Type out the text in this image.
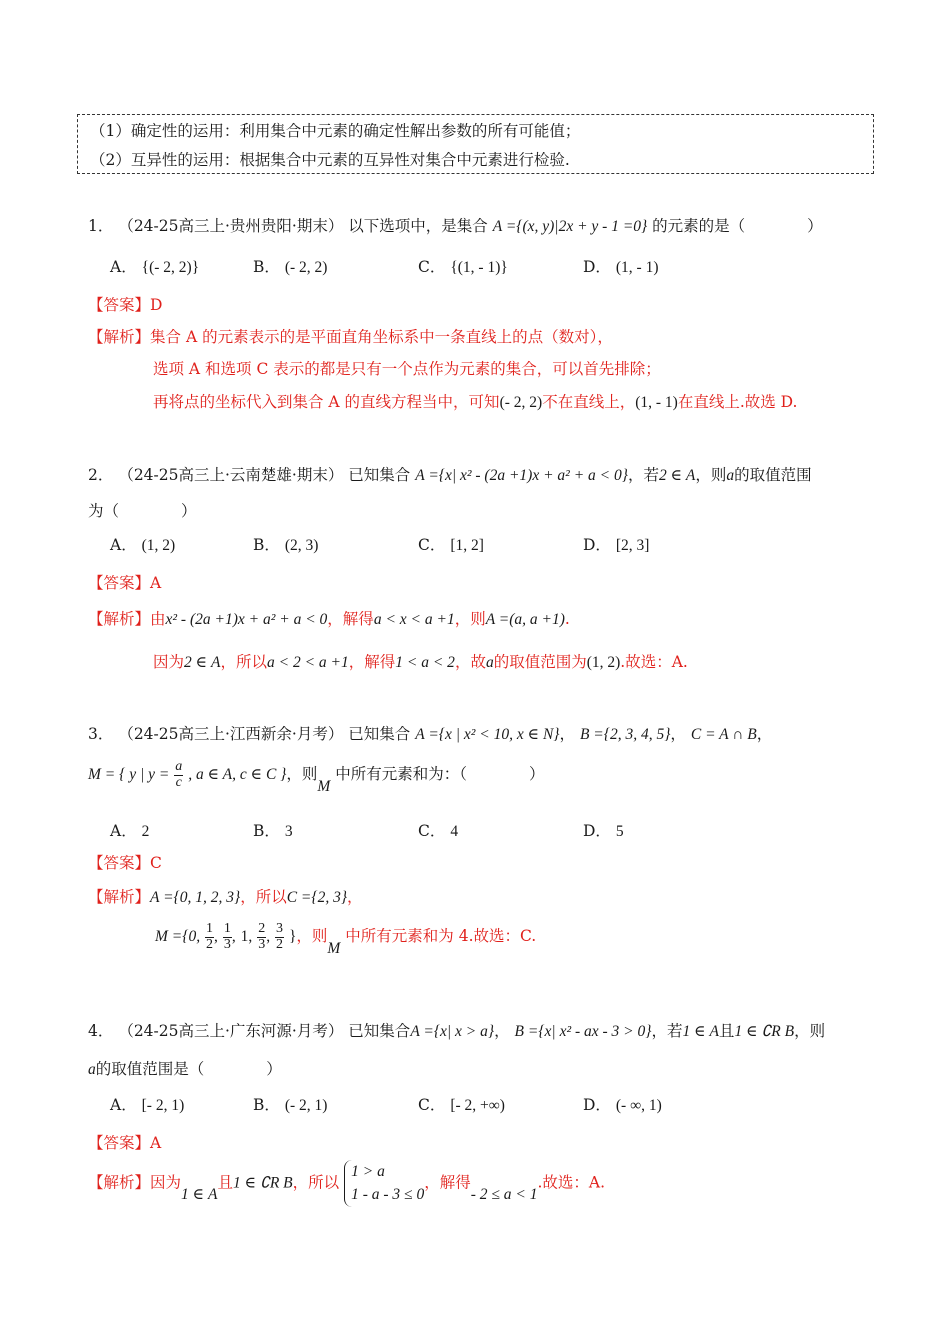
（1）确定性的运用：利用集合中元素的确定性解出参数的所有可能值；
（2）互异性的运用：根据集合中元素的互异性对集合中元素进行检验.
1． （24-25高三上·贵州贵阳·期末） 以下选项中，是集合 A ={(x, y)|2x + y - 1 =0} 的元素的是（　　　　）
A． {(- 2, 2)}	B． (- 2, 2)	C． {(1, - 1)}	D． (1, - 1)
【答案】D
【解析】集合 A 的元素表示的是平面直角坐标系中一条直线上的点（数对），
选项 A 和选项 C 表示的都是只有一个点作为元素的集合，可以首先排除；
再将点的坐标代入到集合 A 的直线方程当中，可知(- 2, 2)不在直线上，(1, - 1)在直线上.故选 D.
2． （24-25高三上·云南楚雄·期末） 已知集合 A ={x| x² - (2a +1)x + a² + a < 0}，若2 ∈ A，则a的取值范围
为（　　　　）
A． (1, 2)	B． (2, 3)	C． [1, 2]	D． [2, 3]
【答案】A
【解析】由x² - (2a +1)x + a² + a < 0，解得a < x < a +1，则A =(a, a +1).
因为2 ∈ A，所以a < 2 < a +1，解得1 < a < 2，故a的取值范围为(1, 2).故选：A.
3． （24-25高三上·江西新余·月考） 已知集合 A ={x | x² < 10, x ∈ N}， B ={2, 3, 4, 5}， C = A ∩ B，
M = { y | $y = \frac{a}{c}$ , a ∈ A, c ∈ C }，则M 中所有元素和为：（　　　　）
A． 2	B． 3	C． 4	D． 5
【答案】C
【解析】A ={0, 1, 2, 3}，所以C ={2, 3}，
M ={0, $\frac{1}{2}$ , $\frac{1}{3}$ , 1, $\frac{2}{3}$ , $\frac{3}{2}$ }，则M 中所有元素和为 4.故选：C.
4． （24-25高三上·广东河源·月考） 已知集合A ={x| x > a}， B ={x| x² - ax - 3 > 0}，若1 ∈ A且1 ∈ ∁R B，则
a的取值范围是（　　　　）
A． [- 2, 1)	B． (- 2, 1)	C． [- 2, +∞)	D． (- ∞, 1)
【答案】A
【解析】因为1 ∈ A且1 ∈ ∁R B，所以
1 > a
1 - a - 3 ≤ 0
，解得- 2 ≤ a < 1.故选：A.
